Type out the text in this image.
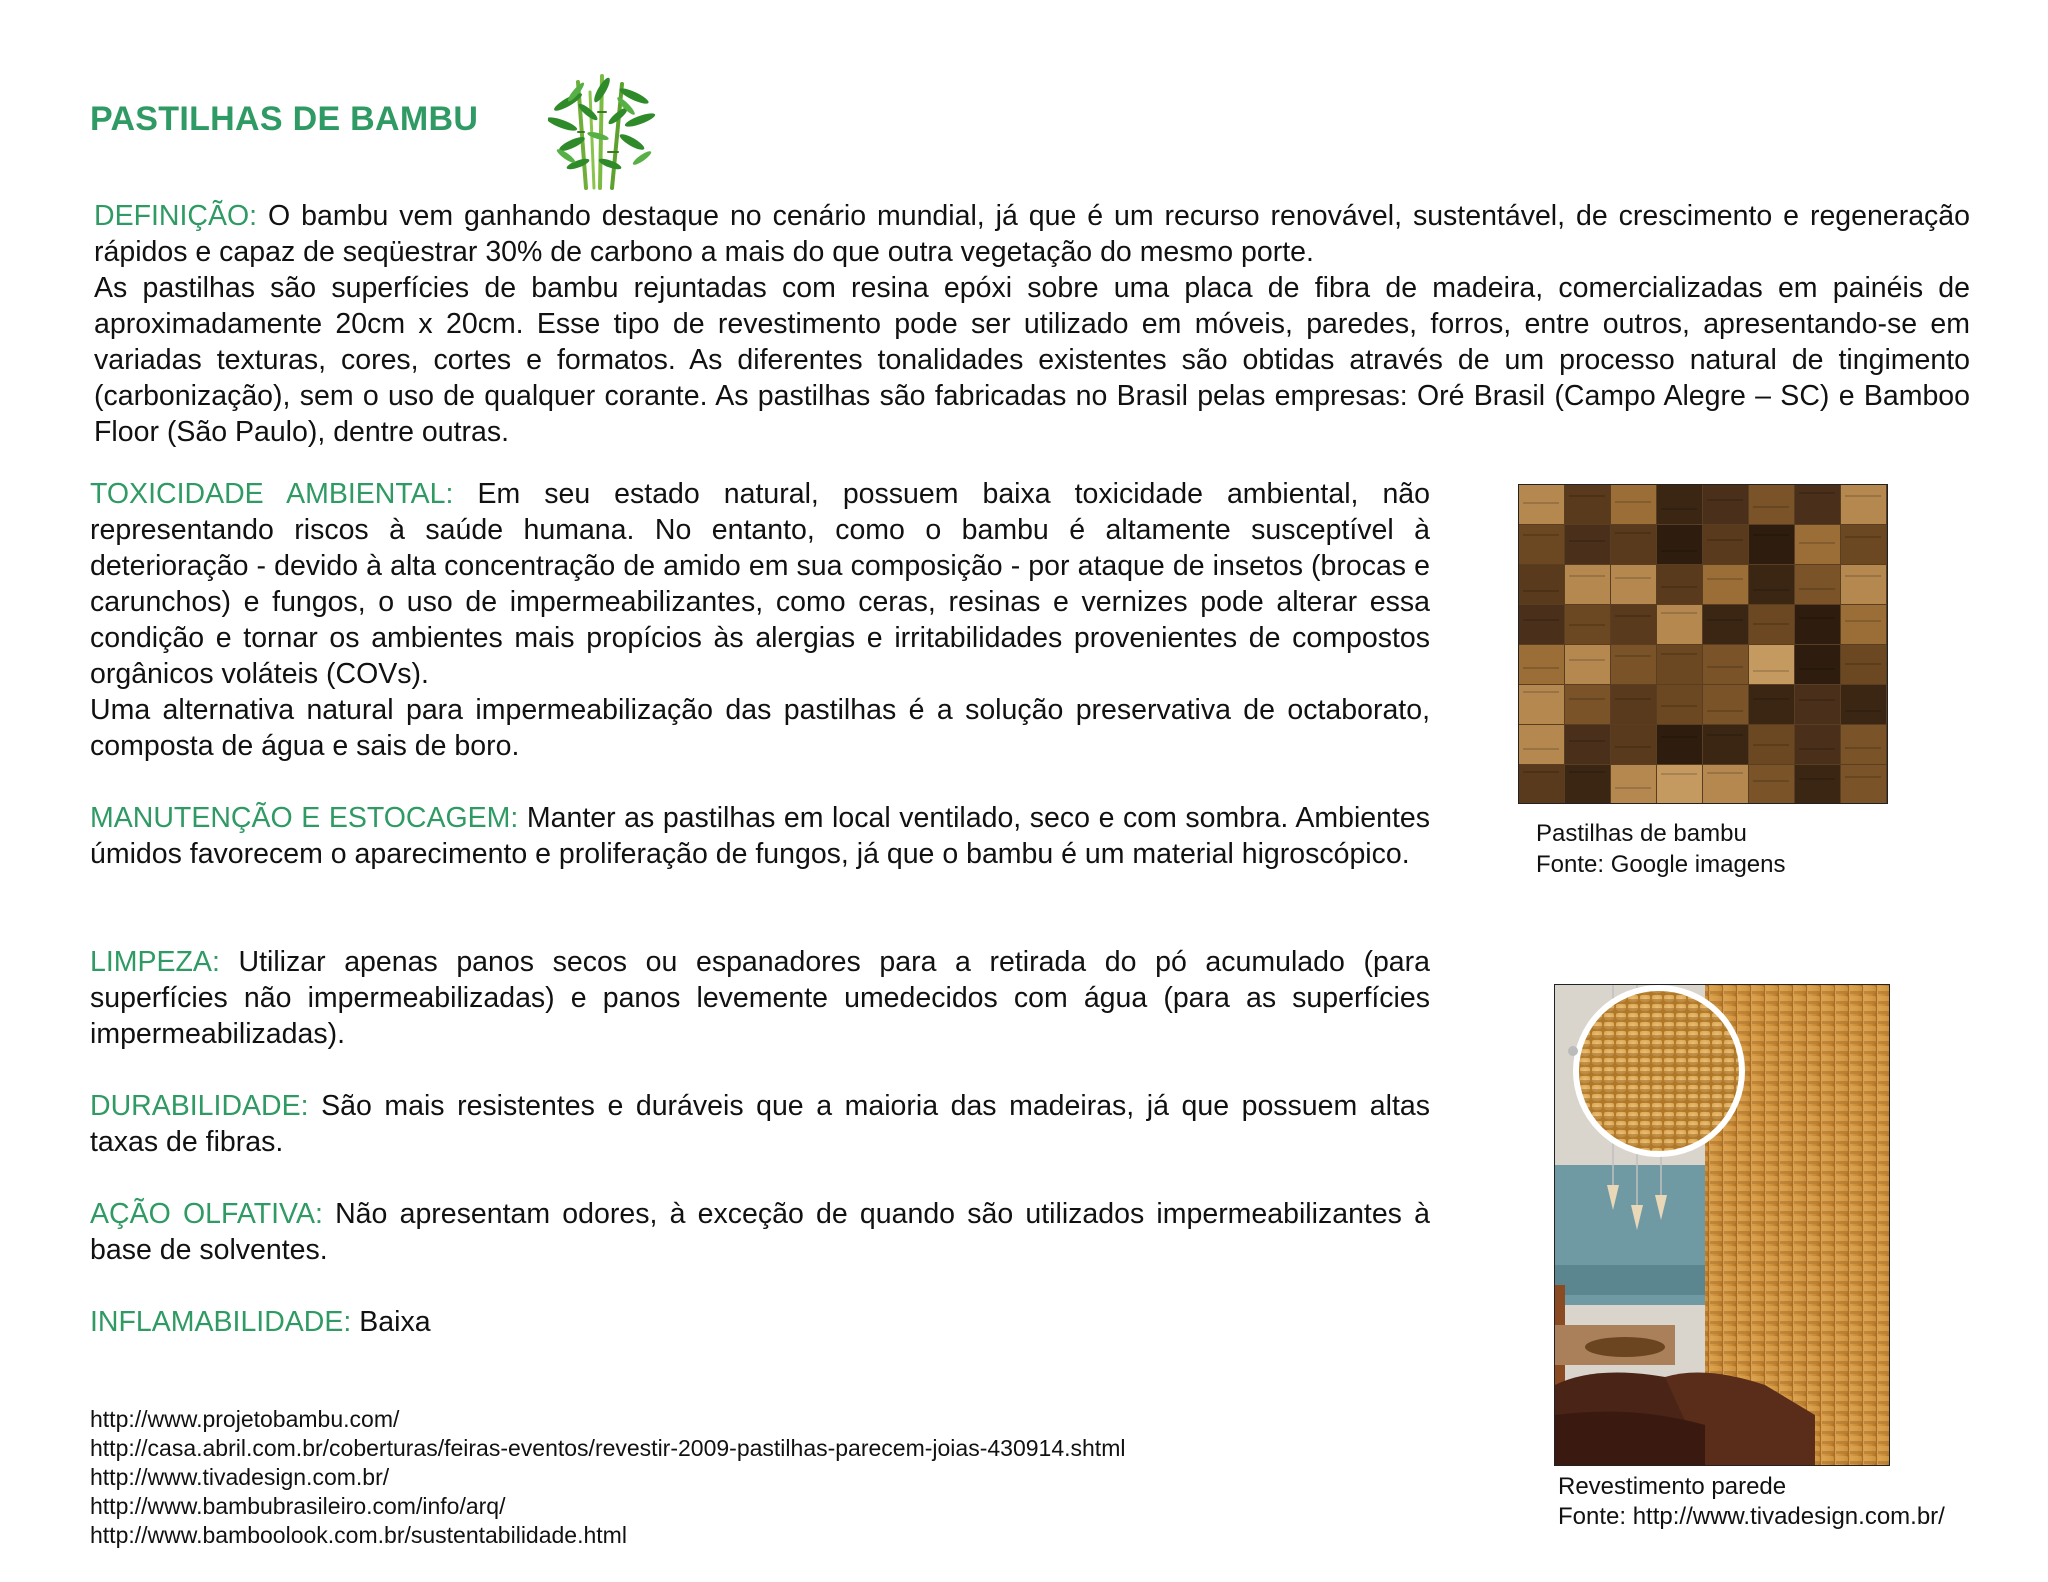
PASTILHAS DE BAMBU

DEFINIÇÃO: O bambu vem ganhando destaque no cenário mundial, já que é um recurso renovável, sustentável, de crescimento e regeneração rápidos e capaz de seqüestrar 30% de carbono a mais do que outra vegetação do mesmo porte.

As pastilhas são superfícies de bambu rejuntadas com resina epóxi sobre uma placa de fibra de madeira, comercializadas em painéis de aproximadamente 20cm x 20cm. Esse tipo de revestimento pode ser utilizado em móveis, paredes, forros, entre outros, apresentando-se em variadas texturas, cores, cortes e formatos. As diferentes tonalidades existentes são obtidas através de um processo natural de tingimento (carbonização), sem o uso de qualquer corante. As pastilhas são fabricadas no Brasil pelas empresas: Oré Brasil (Campo Alegre – SC) e Bamboo Floor (São Paulo), dentre outras.

TOXICIDADE AMBIENTAL: Em seu estado natural, possuem baixa toxicidade ambiental, não representando riscos à saúde humana. No entanto, como o bambu é altamente susceptível à deterioração - devido à alta concentração de amido em sua composição - por ataque de insetos (brocas e carunchos) e fungos, o uso de impermeabilizantes, como ceras, resinas e vernizes pode alterar essa condição e tornar os ambientes mais propícios às alergias e irritabilidades provenientes de compostos orgânicos voláteis (COVs).

Uma alternativa natural para impermeabilização das pastilhas é a solução preservativa de octaborato, composta de água e sais de boro.

MANUTENÇÃO E ESTOCAGEM: Manter as pastilhas em local ventilado, seco e com sombra. Ambientes úmidos favorecem o aparecimento e proliferação de fungos, já que o bambu é um material higroscópico.
LIMPEZA: Utilizar apenas panos secos ou espanadores para a retirada do pó acumulado (para superfícies não impermeabilizadas) e panos levemente umedecidos com água (para as superfícies impermeabilizadas).
DURABILIDADE: São mais resistentes e duráveis que a maioria das madeiras, já que possuem altas taxas de fibras.
AÇÃO OLFATIVA: Não apresentam odores, à exceção de quando são utilizados impermeabilizantes à base de solventes.
INFLAMABILIDADE: Baixa
http://www.projetobambu.com/
http://casa.abril.com.br/coberturas/feiras-eventos/revestir-2009-pastilhas-parecem-joias-430914.shtml
http://www.tivadesign.com.br/
http://www.bambubrasileiro.com/info/arq/
http://www.bamboolook.com.br/sustentabilidade.html
Pastilhas de bambu
Fonte: Google imagens
Revestimento parede
Fonte: http://www.tivadesign.com.br/
